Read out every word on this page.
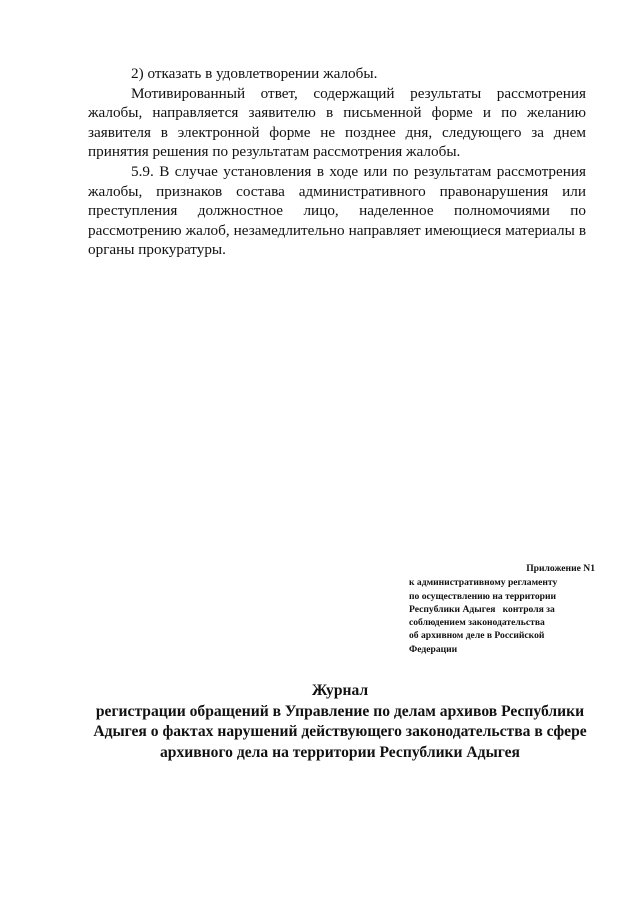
2) отказать в удовлетворении жалобы.

Мотивированный ответ, содержащий результаты рассмотрения жалобы, направляется заявителю в письменной форме и по желанию заявителя в электронной форме не позднее дня, следующего за днем принятия решения по результатам рассмотрения жалобы.

5.9. В случае установления в ходе или по результатам рассмотрения жалобы, признаков состава административного правонарушения или преступления должностное лицо, наделенное полномочиями по рассмотрению жалоб, незамедлительно направляет имеющиеся материалы в органы прокуратуры.

Приложение N1
к административному регламенту
по осуществлению на территории
Республики Адыгея   контроля за
соблюдением законодательства
об архивном деле в Российской
Федерации
Журнал
регистрации обращений в Управление по делам архивов Республики
Адыгея о фактах нарушений действующего законодательства в сфере
архивного дела на территории Республики Адыгея
